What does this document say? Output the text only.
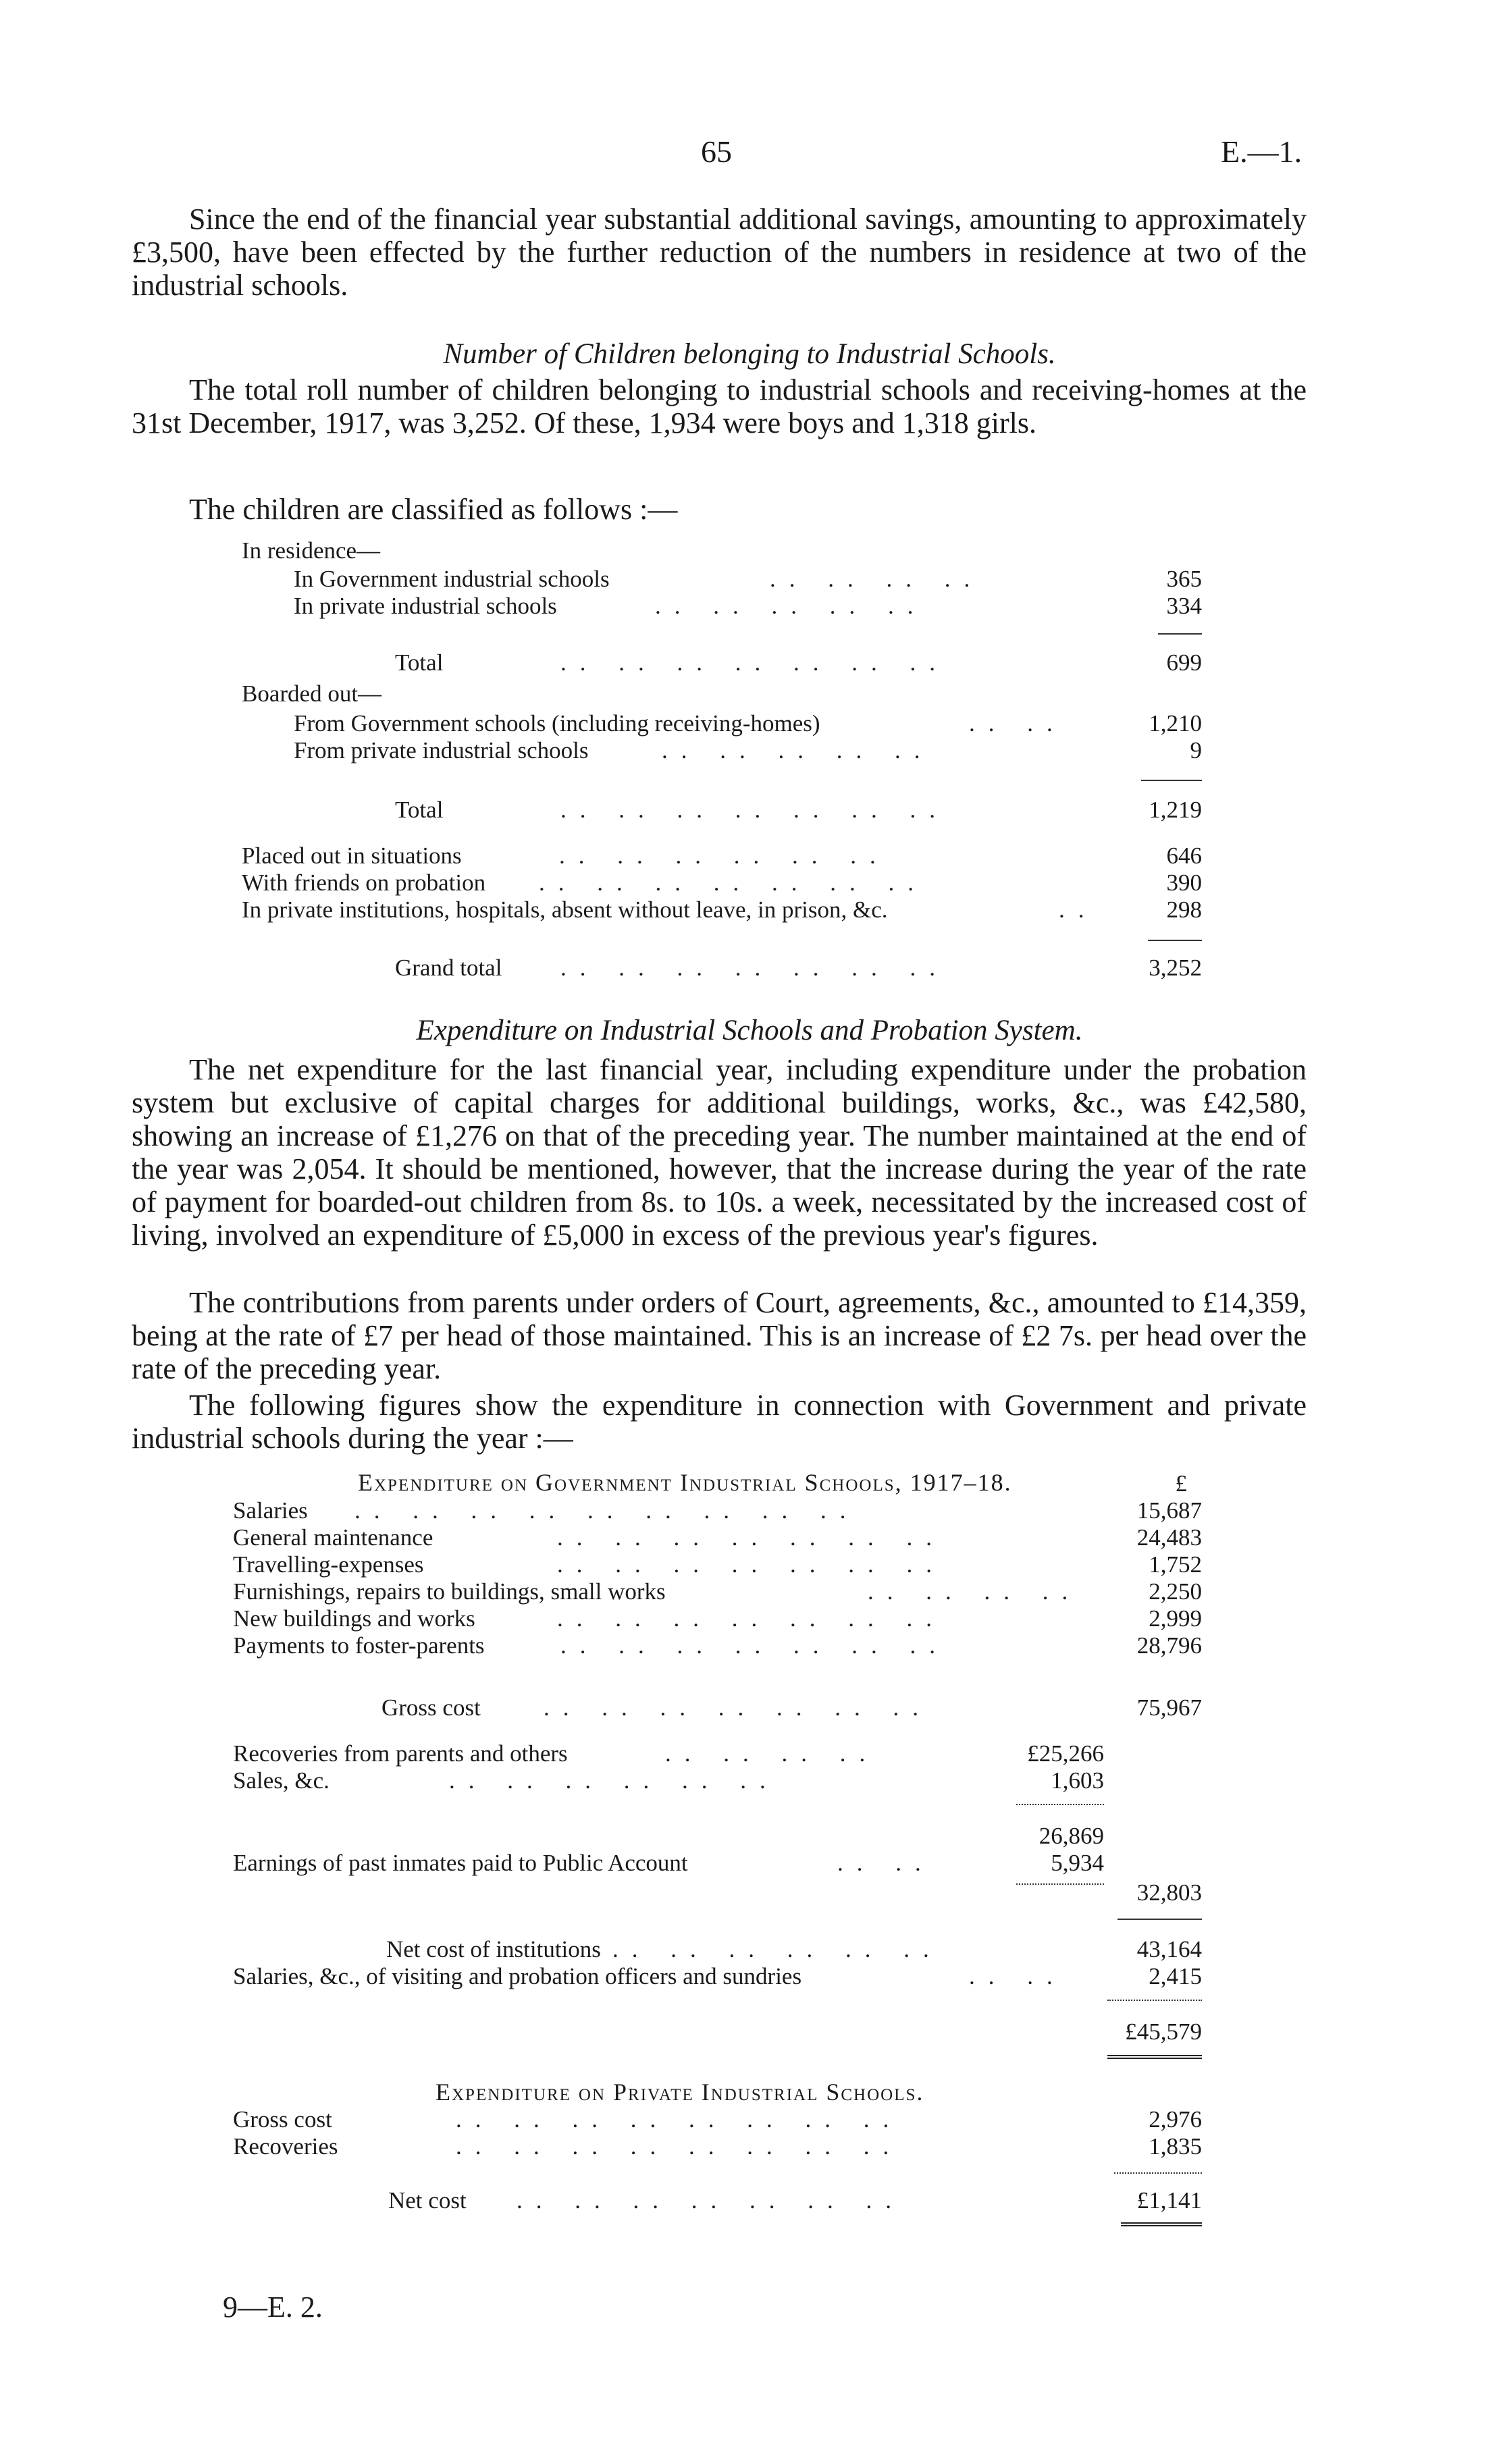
65	E.—1.

Since the end of the financial year substantial additional savings, amounting to approximately £3,500, have been effected by the further reduction of the numbers in residence at two of the industrial schools.

Number of Children belonging to Industrial Schools.

The total roll number of children belonging to industrial schools and receiving-homes at the 31st December, 1917, was 3,252. Of these, 1,934 were boys and 1,318 girls.

The children are classified as follows :—

In residence—
In Government industrial schools	.. .. .. ..	365
In private industrial schools	.. .. .. .. ..	334
Total	.. .. .. .. .. .. ..	699
Boarded out—
From Government schools (including receiving-homes)	.. ..	1,210
From private industrial schools	.. .. .. .. ..	9
Total	.. .. .. .. .. .. ..	1,219
Placed out in situations	.. .. .. .. .. ..	646
With friends on probation .. .. .. .. .. .. ..	390
In private institutions, hospitals, absent without leave, in prison, &c.	..	298
Grand total .. .. .. .. .. .. ..	3,252

Expenditure on Industrial Schools and Probation System.

The net expenditure for the last financial year, including expenditure under the probation system but exclusive of capital charges for additional buildings, works, &c., was £42,580, showing an increase of £1,276 on that of the preceding year. The number maintained at the end of the year was 2,054. It should be mentioned, however, that the increase during the year of the rate of payment for boarded-out children from 8s. to 10s. a week, necessitated by the increased cost of living, involved an expenditure of £5,000 in excess of the previous year's figures.

The contributions from parents under orders of Court, agreements, &c., amounted to £14,359, being at the rate of £7 per head of those maintained. This is an increase of £2 7s. per head over the rate of the preceding year.

The following figures show the expenditure in connection with Government and private industrial schools during the year :—

Expenditure on Government Industrial Schools, 1917–18.	£
Salaries .. .. .. .. .. .. .. .. ..	15,687
General maintenance	.. .. .. .. .. .. ..	24,483
Travelling-expenses	.. .. .. .. .. .. ..	1,752
Furnishings, repairs to buildings, small works	.. .. .. ..	2,250
New buildings and works	.. .. .. .. .. .. ..	2,999
Payments to foster-parents	.. .. .. .. .. .. ..	28,796
Gross cost	.. .. .. .. .. .. ..	75,967
Recoveries from parents and others	.. .. .. ..	£25,266
Sales, &c.	.. .. .. .. .. ..	1,603
26,869
Earnings of past inmates paid to Public Account	.. ..	5,934
32,803
Net cost of institutions .. .. .. .. .. ..	43,164
Salaries, &c., of visiting and probation officers and sundries	.. ..	2,415
£45,579
Expenditure on Private Industrial Schools.
Gross cost	.. .. .. .. .. .. .. ..	2,976
Recoveries	.. .. .. .. .. .. .. ..	1,835
Net cost .. .. .. .. .. .. ..	£1,141
9—E. 2.
